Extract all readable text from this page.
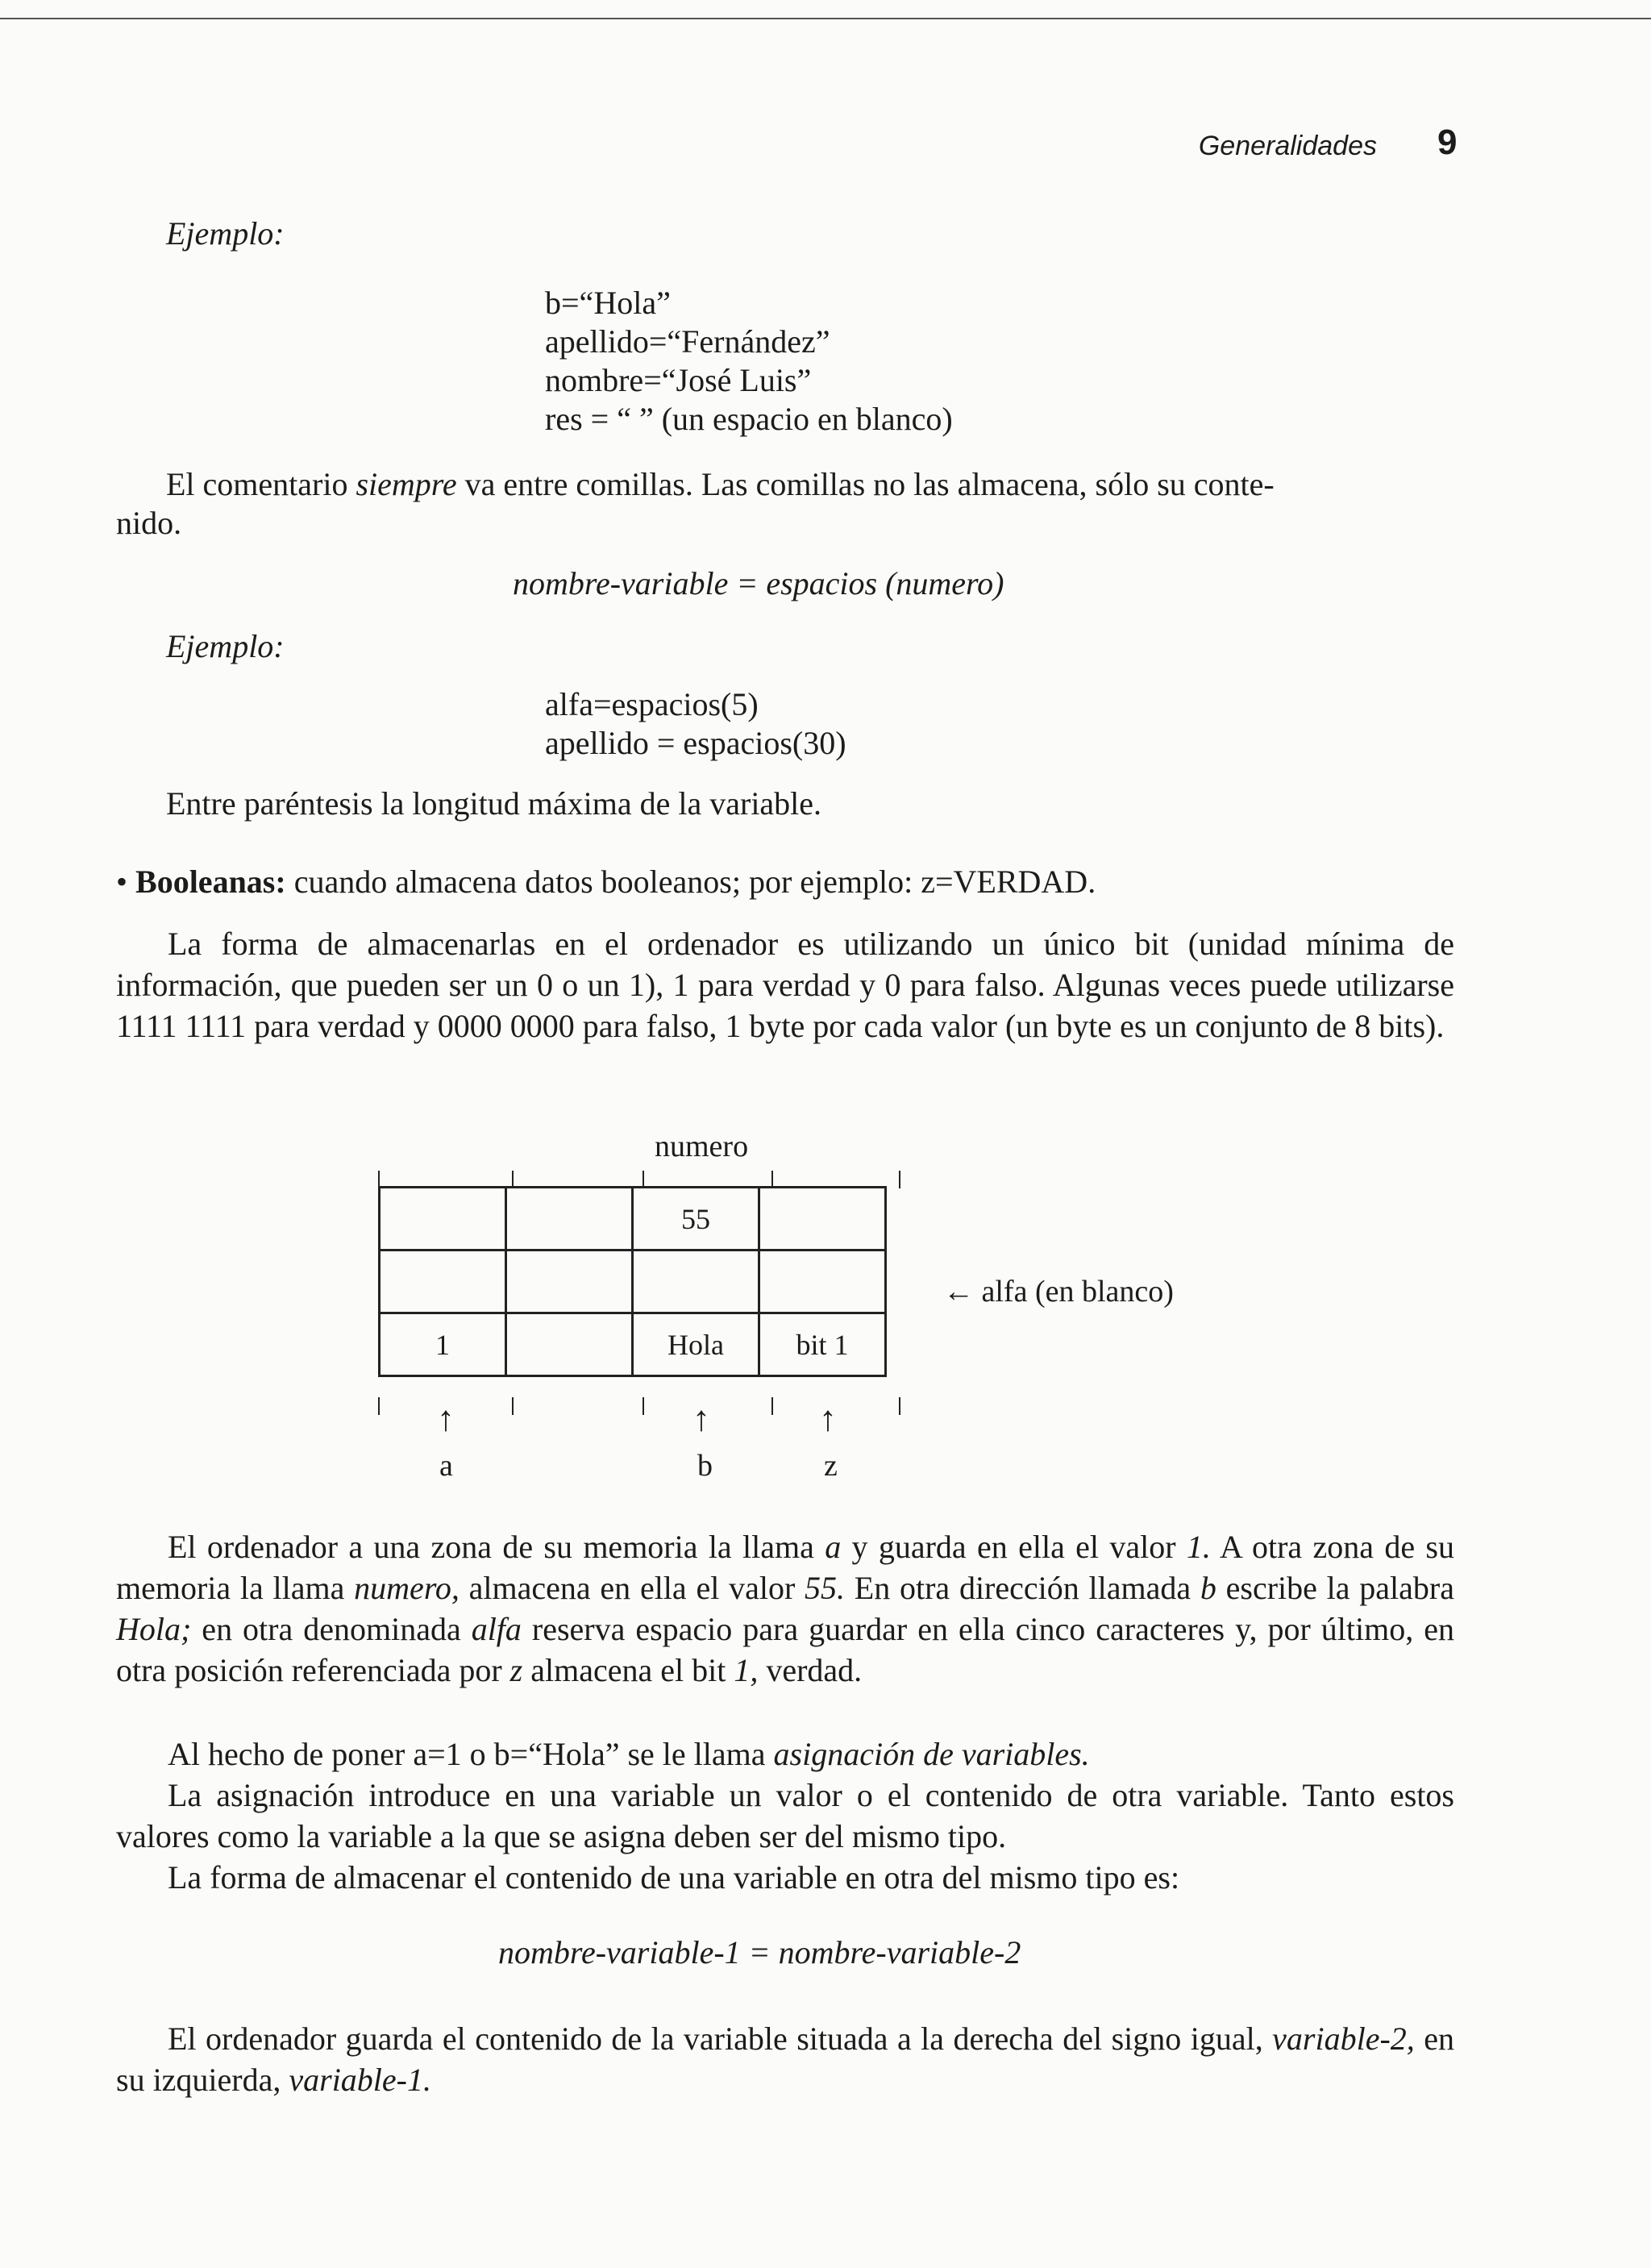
Generalidades 9
Ejemplo:
b=“Hola”
apellido=“Fernández”
nombre=“José Luis”
res = “ ” (un espacio en blanco)
El comentario siempre va entre comillas. Las comillas no las almacena, sólo su conte-
nido.
nombre-variable = espacios (numero)
Ejemplo:
alfa=espacios(5)
apellido = espacios(30)
Entre paréntesis la longitud máxima de la variable.
• Booleanas: cuando almacena datos booleanos; por ejemplo: z=VERDAD.
La forma de almacenarlas en el ordenador es utilizando un único bit (unidad mínima de información, que pueden ser un 0 o un 1), 1 para verdad y 0 para falso. Algunas veces puede utilizarse 1111 1111 para verdad y 0000 0000 para falso, 1 byte por cada valor (un byte es un conjunto de 8 bits).
numero
		55	

1		Hola	bit 1
← alfa (en blanco)
↑	↑	↑
a	b	z
El ordenador a una zona de su memoria la llama a y guarda en ella el valor 1. A otra zona de su memoria la llama numero, almacena en ella el valor 55. En otra dirección llamada b escribe la palabra Hola; en otra denominada alfa reserva espacio para guardar en ella cinco caracteres y, por último, en otra posición referenciada por z almacena el bit 1, verdad.
Al hecho de poner a=1 o b=“Hola” se le llama asignación de variables.
La asignación introduce en una variable un valor o el contenido de otra variable. Tanto estos valores como la variable a la que se asigna deben ser del mismo tipo.
La forma de almacenar el contenido de una variable en otra del mismo tipo es:
nombre-variable-1 = nombre-variable-2
El ordenador guarda el contenido de la variable situada a la derecha del signo igual, variable-2, en su izquierda, variable-1.
